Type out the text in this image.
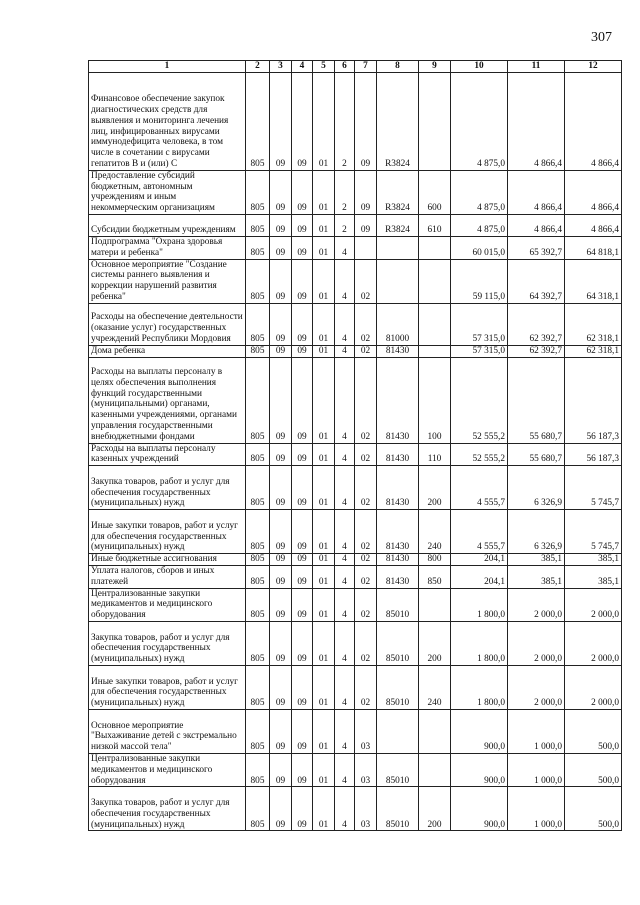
307
1	2	3	4	5	6	7	8	9	10	11	12
Финансовое обеспечение закупок диагностических средств для выявления и мониторинга лечения лиц, инфицированных вирусами иммунодефицита человека, в том числе в сочетании с вирусами гепатитов В и (или) С	805	09	09	01	2	09	R3824		4 875,0	4 866,4	4 866,4
Предоставление субсидий бюджетным, автономным учреждениям и иным некоммерческим организациям	805	09	09	01	2	09	R3824	600	4 875,0	4 866,4	4 866,4
Субсидии бюджетным учреждениям	805	09	09	01	2	09	R3824	610	4 875,0	4 866,4	4 866,4
Подпрограмма "Охрана здоровья матери и ребенка"	805	09	09	01	4				60 015,0	65 392,7	64 818,1
Основное мероприятие "Создание системы раннего выявления и коррекции нарушений развития ребенка"	805	09	09	01	4	02			59 115,0	64 392,7	64 318,1
Расходы на обеспечение деятельности (оказание услуг) государственных учреждений Республики Мордовия	805	09	09	01	4	02	81000		57 315,0	62 392,7	62 318,1
Дома ребенка	805	09	09	01	4	02	81430		57 315,0	62 392,7	62 318,1
Расходы на выплаты персоналу в целях обеспечения выполнения функций государственными (муниципальными) органами, казенными учреждениями, органами управления государственными внебюджетными фондами	805	09	09	01	4	02	81430	100	52 555,2	55 680,7	56 187,3
Расходы на выплаты персоналу казенных учреждений	805	09	09	01	4	02	81430	110	52 555,2	55 680,7	56 187,3
Закупка товаров, работ и услуг для обеспечения государственных (муниципальных) нужд	805	09	09	01	4	02	81430	200	4 555,7	6 326,9	5 745,7
Иные закупки товаров, работ и услуг для обеспечения государственных (муниципальных) нужд	805	09	09	01	4	02	81430	240	4 555,7	6 326,9	5 745,7
Иные бюджетные ассигнования	805	09	09	01	4	02	81430	800	204,1	385,1	385,1
Уплата налогов, сборов и иных платежей	805	09	09	01	4	02	81430	850	204,1	385,1	385,1
Централизованные закупки медикаментов и медицинского оборудования	805	09	09	01	4	02	85010		1 800,0	2 000,0	2 000,0
Закупка товаров, работ и услуг для обеспечения государственных (муниципальных) нужд	805	09	09	01	4	02	85010	200	1 800,0	2 000,0	2 000,0
Иные закупки товаров, работ и услуг для обеспечения государственных (муниципальных) нужд	805	09	09	01	4	02	85010	240	1 800,0	2 000,0	2 000,0
Основное мероприятие "Выхаживание детей с экстремально низкой массой тела"	805	09	09	01	4	03			900,0	1 000,0	500,0
Централизованные закупки медикаментов и медицинского оборудования	805	09	09	01	4	03	85010		900,0	1 000,0	500,0
Закупка товаров, работ и услуг для обеспечения государственных (муниципальных) нужд	805	09	09	01	4	03	85010	200	900,0	1 000,0	500,0
